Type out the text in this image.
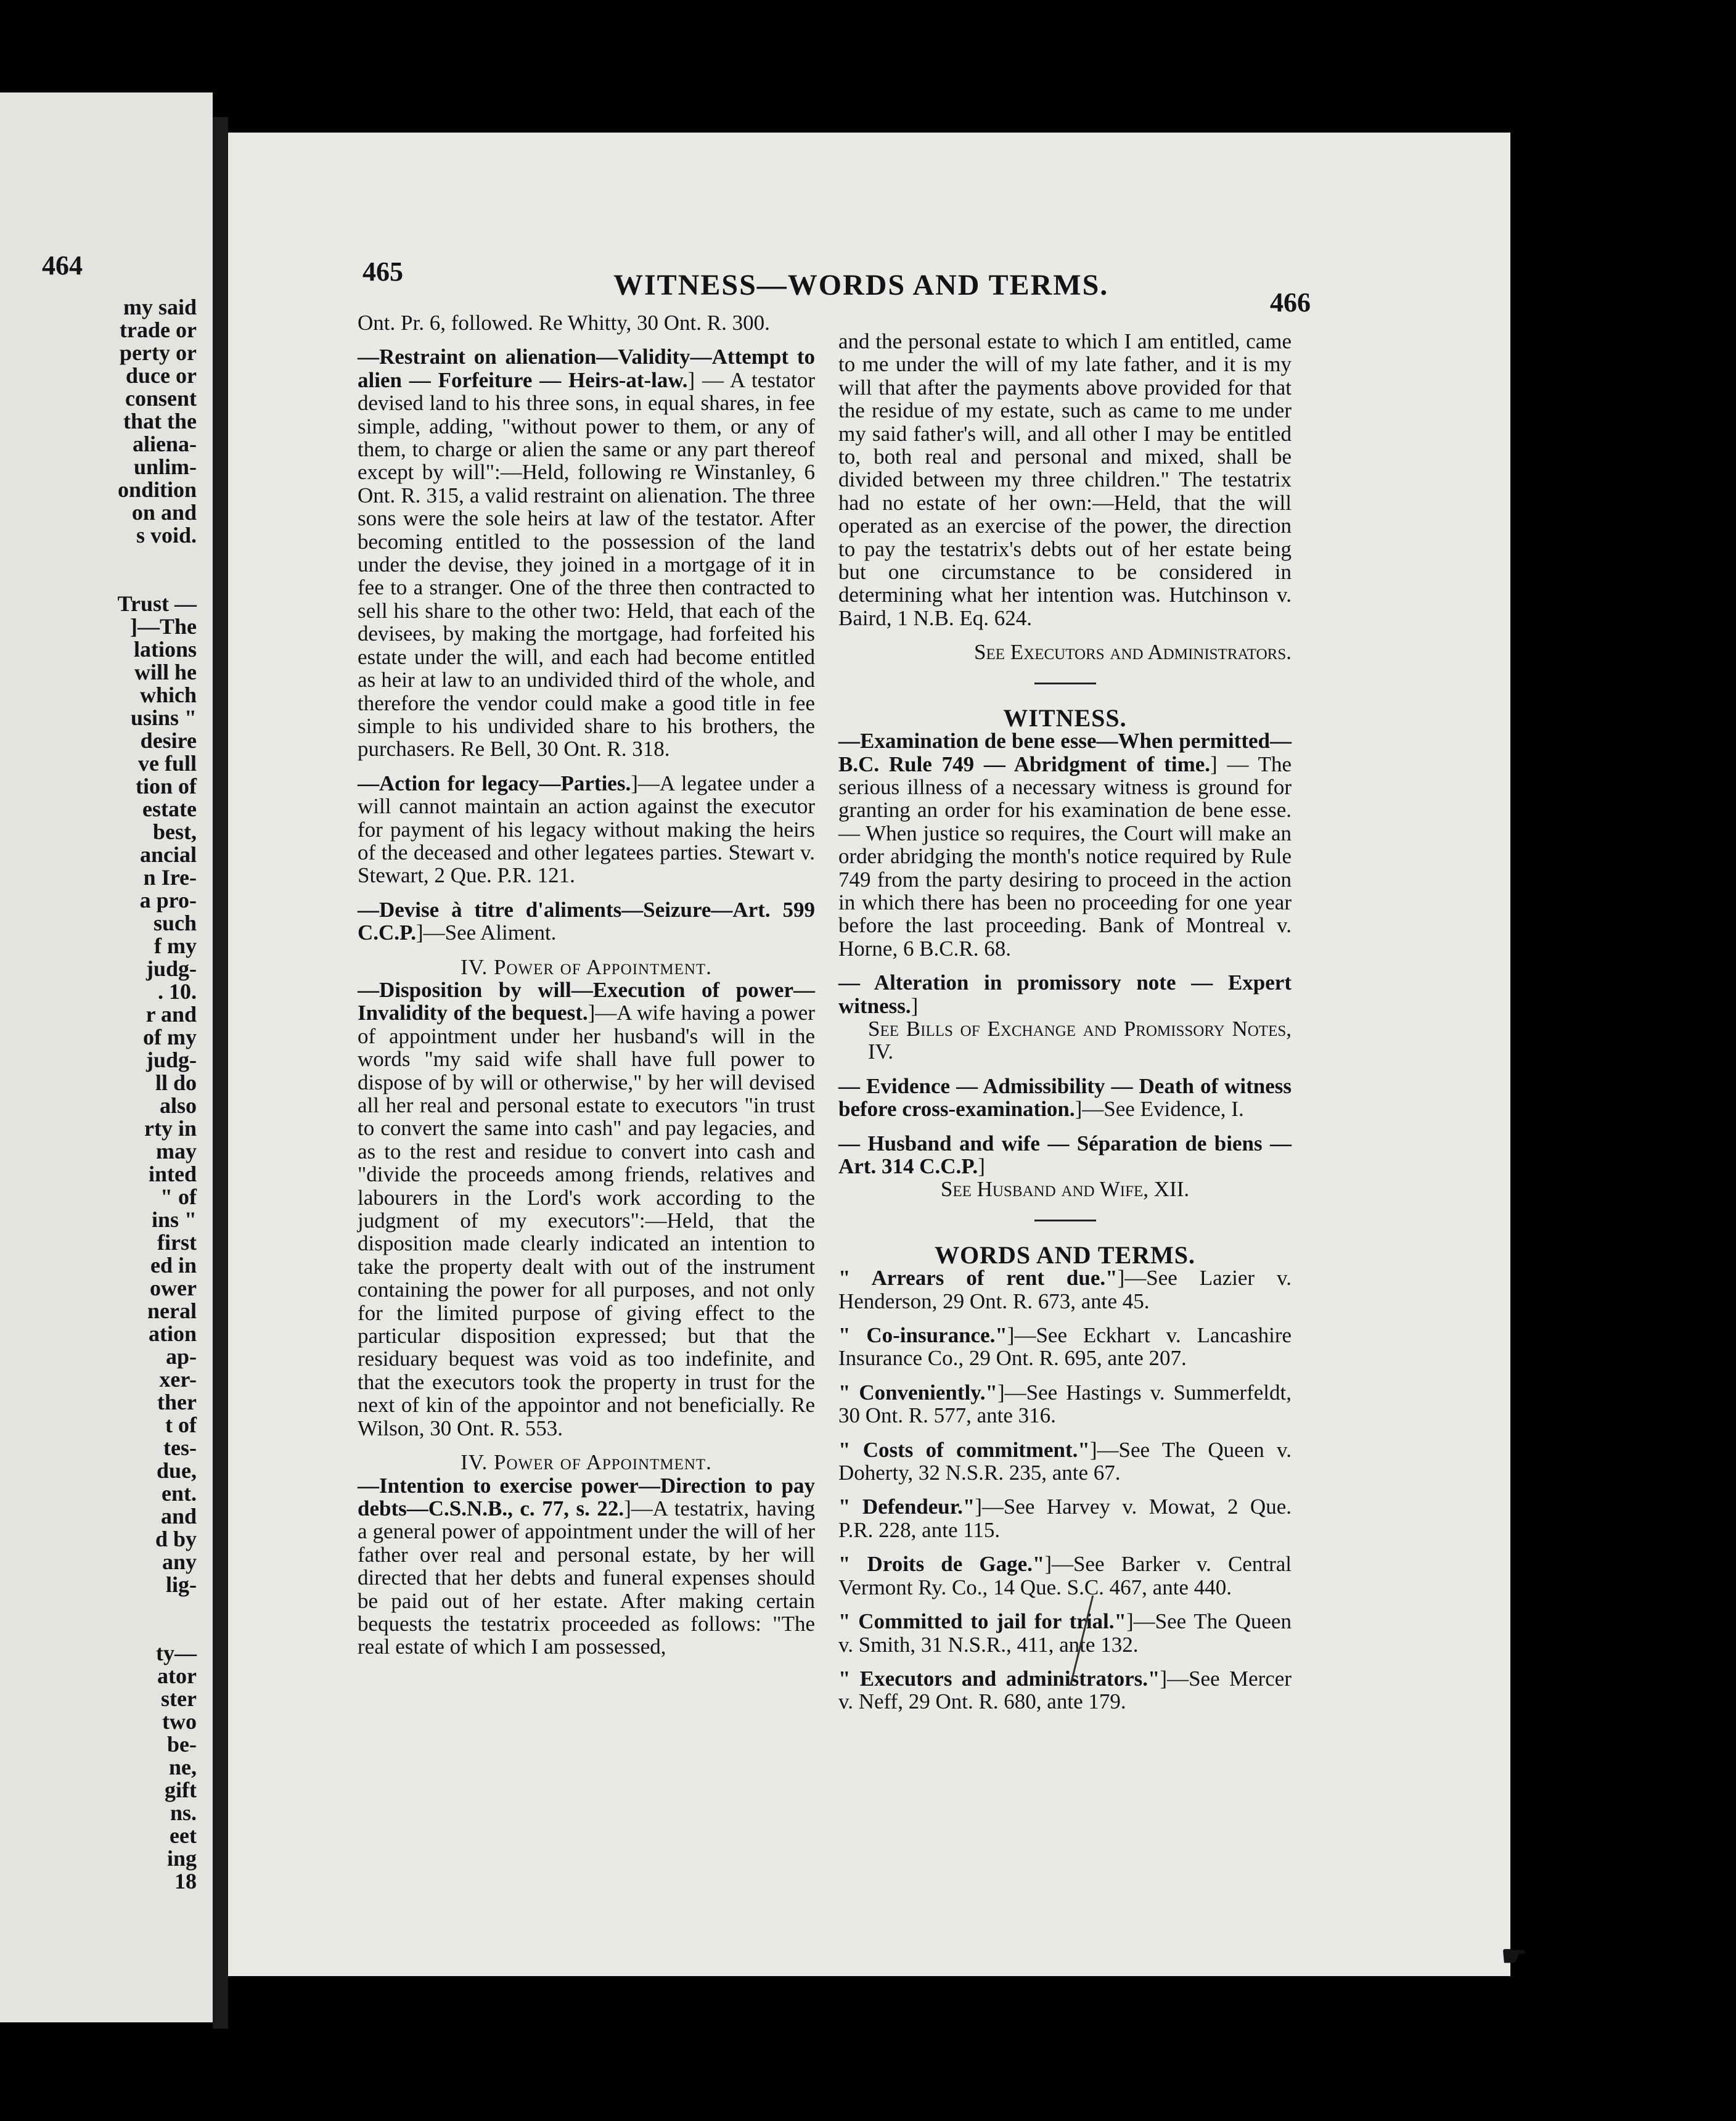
464
my said
trade or
perty or
duce or
consent
that the
aliena-
unlim-
ondition
on and
s void.

Trust —
]—The
lations
will he
which
usins "
desire
ve full
tion of
estate
best,
ancial
n Ire-
a pro-
such
f my
judg-
. 10.
r and
of my
judg-
ll do
also
rty in
may
inted
" of
ins "
first
ed in
ower
neral
ation
ap-
xer-
ther
t of
tes-
due,
ent.
and
d by
any
lig-

ty—
ator
ster
two
be-
ne,
gift
ns.
eet
ing
18
465	WITNESS—WORDS AND TERMS.
466

Ont. Pr. 6, followed. Re Whitty, 30 Ont. R. 300.

—Restraint on alienation—Validity—Attempt to alien — Forfeiture — Heirs-at-law.] — A testator devised land to his three sons, in equal shares, in fee simple, adding, "without power to them, or any of them, to charge or alien the same or any part thereof except by will":—Held, following re Winstanley, 6 Ont. R. 315, a valid restraint on alienation. The three sons were the sole heirs at law of the testator. After becoming entitled to the possession of the land under the devise, they joined in a mortgage of it in fee to a stranger. One of the three then contracted to sell his share to the other two: Held, that each of the devisees, by making the mortgage, had forfeited his estate under the will, and each had become entitled as heir at law to an undivided third of the whole, and therefore the vendor could make a good title in fee simple to his undivided share to his brothers, the purchasers. Re Bell, 30 Ont. R. 318.

—Action for legacy—Parties.]—A legatee under a will cannot maintain an action against the executor for payment of his legacy without making the heirs of the deceased and other legatees parties. Stewart v. Stewart, 2 Que. P.R. 121.

—Devise à titre d'aliments—Seizure—Art. 599 C.C.P.]—See Aliment.

IV. Power of Appointment.

—Disposition by will—Execution of power—Invalidity of the bequest.]—A wife having a power of appointment under her husband's will in the words "my said wife shall have full power to dispose of by will or otherwise," by her will devised all her real and personal estate to executors "in trust to convert the same into cash" and pay legacies, and as to the rest and residue to convert into cash and "divide the proceeds among friends, relatives and labourers in the Lord's work according to the judgment of my executors":—Held, that the disposition made clearly indicated an intention to take the property dealt with out of the instrument containing the power for all purposes, and not only for the limited purpose of giving effect to the particular disposition expressed; but that the residuary bequest was void as too indefinite, and that the executors took the property in trust for the next of kin of the appointor and not beneficially. Re Wilson, 30 Ont. R. 553.

IV. Power of Appointment.

—Intention to exercise power—Direction to pay debts—C.S.N.B., c. 77, s. 22.]—A testatrix, having a general power of appointment under the will of her father over real and personal estate, by her will directed that her debts and funeral expenses should be paid out of her estate. After making certain bequests the testatrix proceeded as follows: "The real estate of which I am possessed,

and the personal estate to which I am entitled, came to me under the will of my late father, and it is my will that after the payments above provided for that the residue of my estate, such as came to me under my said father's will, and all other I may be entitled to, both real and personal and mixed, shall be divided between my three children." The testatrix had no estate of her own:—Held, that the will operated as an exercise of the power, the direction to pay the testatrix's debts out of her estate being but one circumstance to be considered in determining what her intention was. Hutchinson v. Baird, 1 N.B. Eq. 624.

See Executors and Administrators.

WITNESS.

—Examination de bene esse—When permitted—B.C. Rule 749 — Abridgment of time.] — The serious illness of a necessary witness is ground for granting an order for his examination de bene esse. — When justice so requires, the Court will make an order abridging the month's notice required by Rule 749 from the party desiring to proceed in the action in which there has been no proceeding for one year before the last proceeding. Bank of Montreal v. Horne, 6 B.C.R. 68.

— Alteration in promissory note — Expert witness.]

See Bills of Exchange and Promissory Notes, IV.

— Evidence — Admissibility — Death of witness before cross-examination.]—See Evidence, I.

— Husband and wife — Séparation de biens — Art. 314 C.C.P.]

See Husband and Wife, XII.

WORDS AND TERMS.

" Arrears of rent due."]—See Lazier v. Henderson, 29 Ont. R. 673, ante 45.

" Co-insurance."]—See Eckhart v. Lancashire Insurance Co., 29 Ont. R. 695, ante 207.

" Conveniently."]—See Hastings v. Summerfeldt, 30 Ont. R. 577, ante 316.

" Costs of commitment."]—See The Queen v. Doherty, 32 N.S.R. 235, ante 67.

" Defendeur."]—See Harvey v. Mowat, 2 Que. P.R. 228, ante 115.

" Droits de Gage."]—See Barker v. Central Vermont Ry. Co., 14 Que. S.C. 467, ante 440.

" Committed to jail for trial."]—See The Queen v. Smith, 31 N.S.R., 411, ante 132.

" Executors and administrators."]—See Mercer v. Neff, 29 Ont. R. 680, ante 179.

☛
